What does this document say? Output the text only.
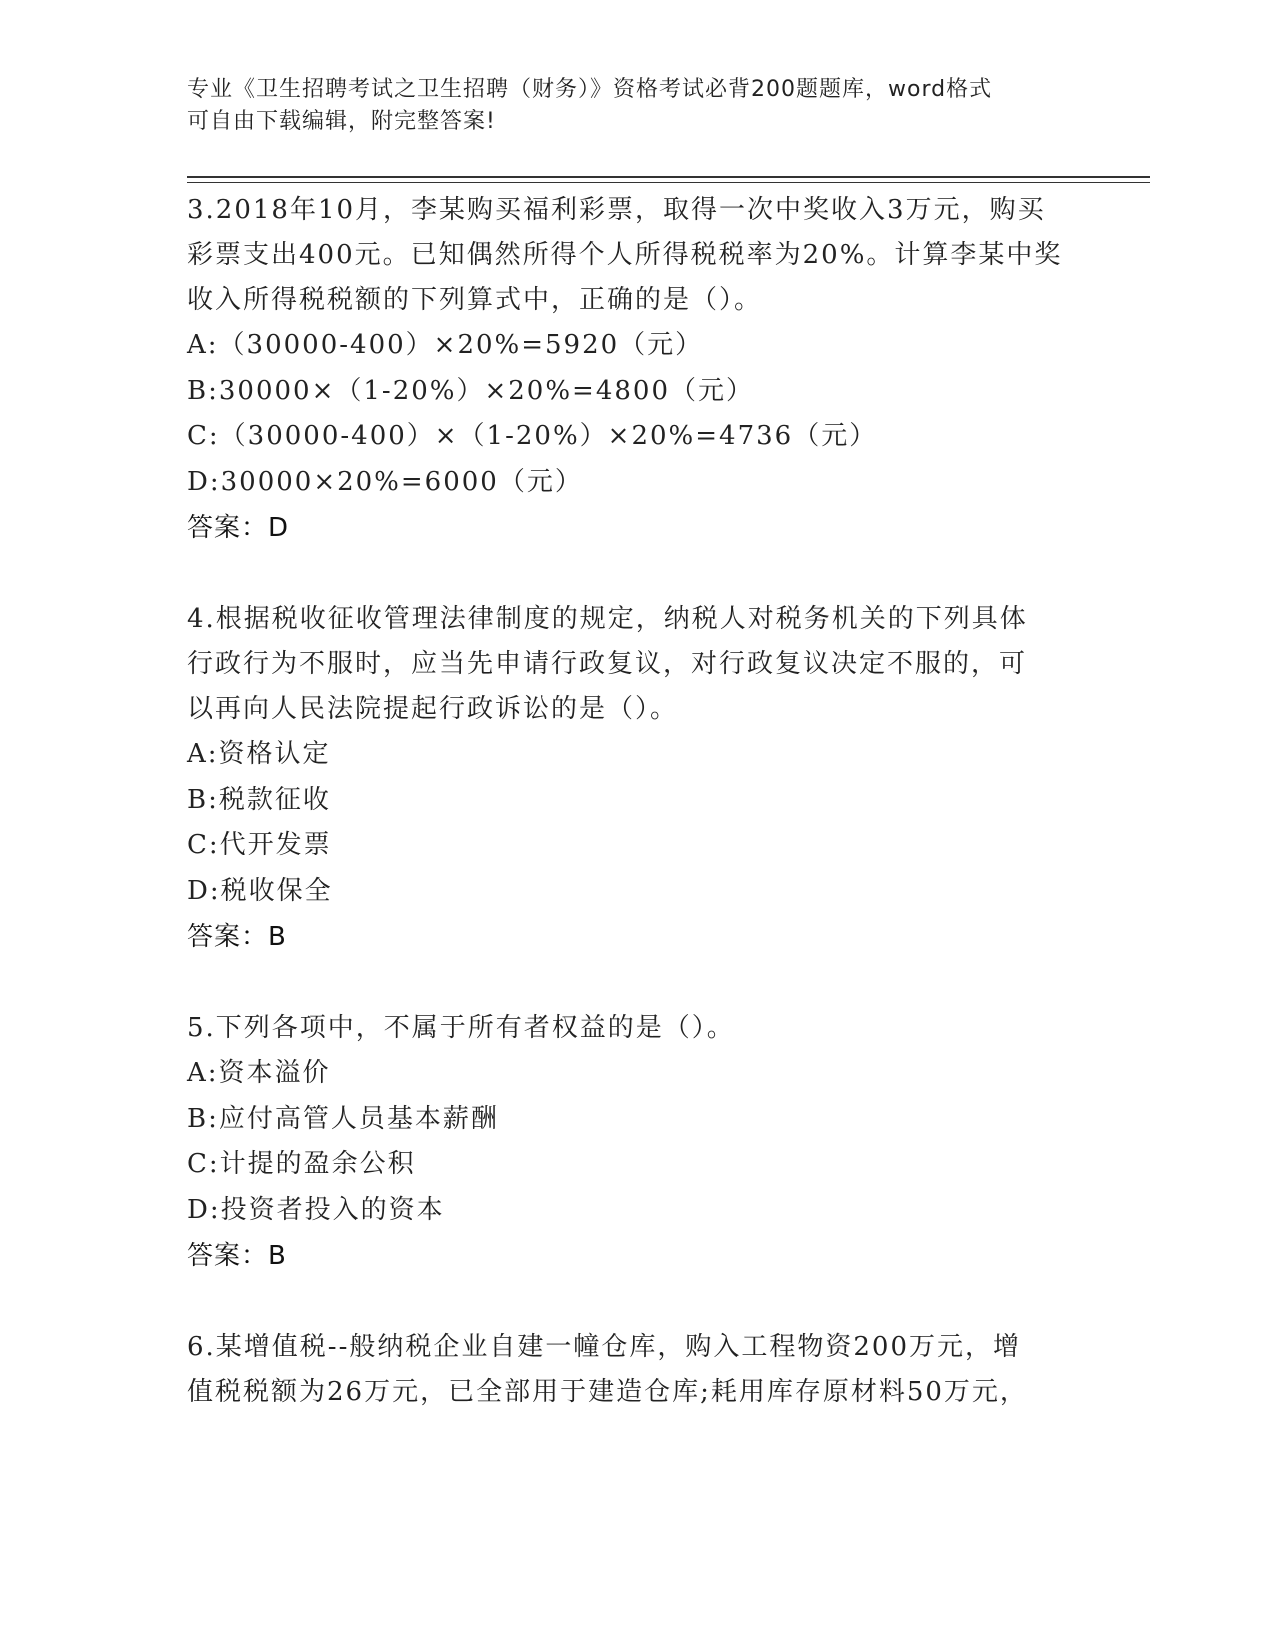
专业《卫生招聘考试之卫生招聘（财务）》资格考试必背200题题库，word格式

可自由下载编辑，附完整答案!

3.2018年10月，李某购买福利彩票，取得一次中奖收入3万元，购买

彩票支出400元。已知偶然所得个人所得税税率为20%。计算李某中奖

收入所得税税额的下列算式中，正确的是（）。

A:（30000-400）×20%=5920（元）

B:30000×（1-20%）×20%=4800（元）

C:（30000-400）×（1-20%）×20%=4736（元）

D:30000×20%=6000（元）

答案：D

4.根据税收征收管理法律制度的规定，纳税人对税务机关的下列具体

行政行为不服时，应当先申请行政复议，对行政复议决定不服的，可

以再向人民法院提起行政诉讼的是（）。

A:资格认定

B:税款征收

C:代开发票

D:税收保全

答案：B

5.下列各项中，不属于所有者权益的是（）。

A:资本溢价

B:应付高管人员基本薪酬

C:计提的盈余公积

D:投资者投入的资本

答案：B

6.某增值税--般纳税企业自建一幢仓库，购入工程物资200万元，增

值税税额为26万元，已全部用于建造仓库;耗用库存原材料50万元，
